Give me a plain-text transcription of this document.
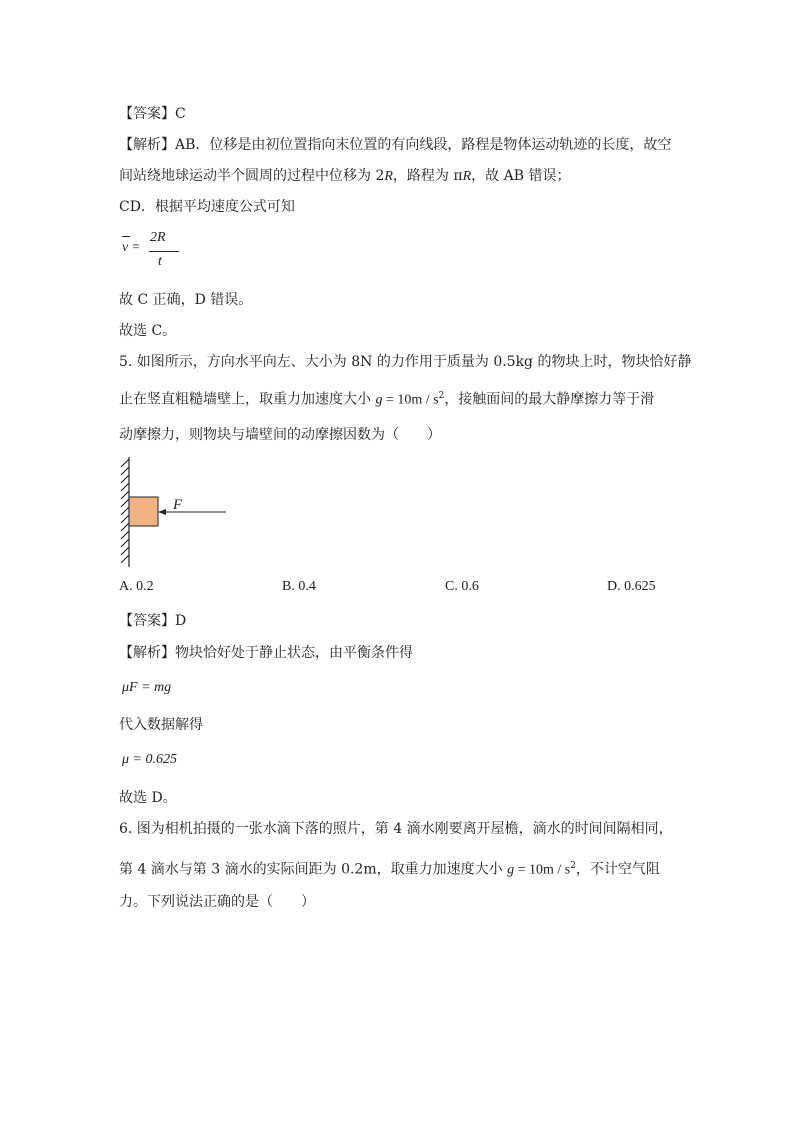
【答案】C
【解析】AB．位移是由初位置指向末位置的有向线段，路程是物体运动轨迹的长度，故空
间站绕地球运动半个圆周的过程中位移为 2R，路程为 πR，故 AB 错误；
CD．根据平均速度公式可知
v =
2R
t
故 C 正确，D 错误。
故选 C。
5. 如图所示，方向水平向左、大小为 8N 的力作用于质量为 0.5kg 的物块上时，物块恰好静
止在竖直粗糙墙壁上，取重力加速度大小 $g = 10m / s^2$，接触面间的最大静摩擦力等于滑
动摩擦力，则物块与墙壁间的动摩擦因数为（　　）
F
A. 0.2	B. 0.4	C. 0.6	D. 0.625
【答案】D
【解析】物块恰好处于静止状态，由平衡条件得
μF = mg
代入数据解得
μ = 0.625
故选 D。
6. 图为相机拍摄的一张水滴下落的照片，第 4 滴水刚要离开屋檐，滴水的时间间隔相同，
第 4 滴水与第 3 滴水的实际间距为 0.2m，取重力加速度大小 $g = 10m / s^2$，不计空气阻
力。下列说法正确的是（　　）
